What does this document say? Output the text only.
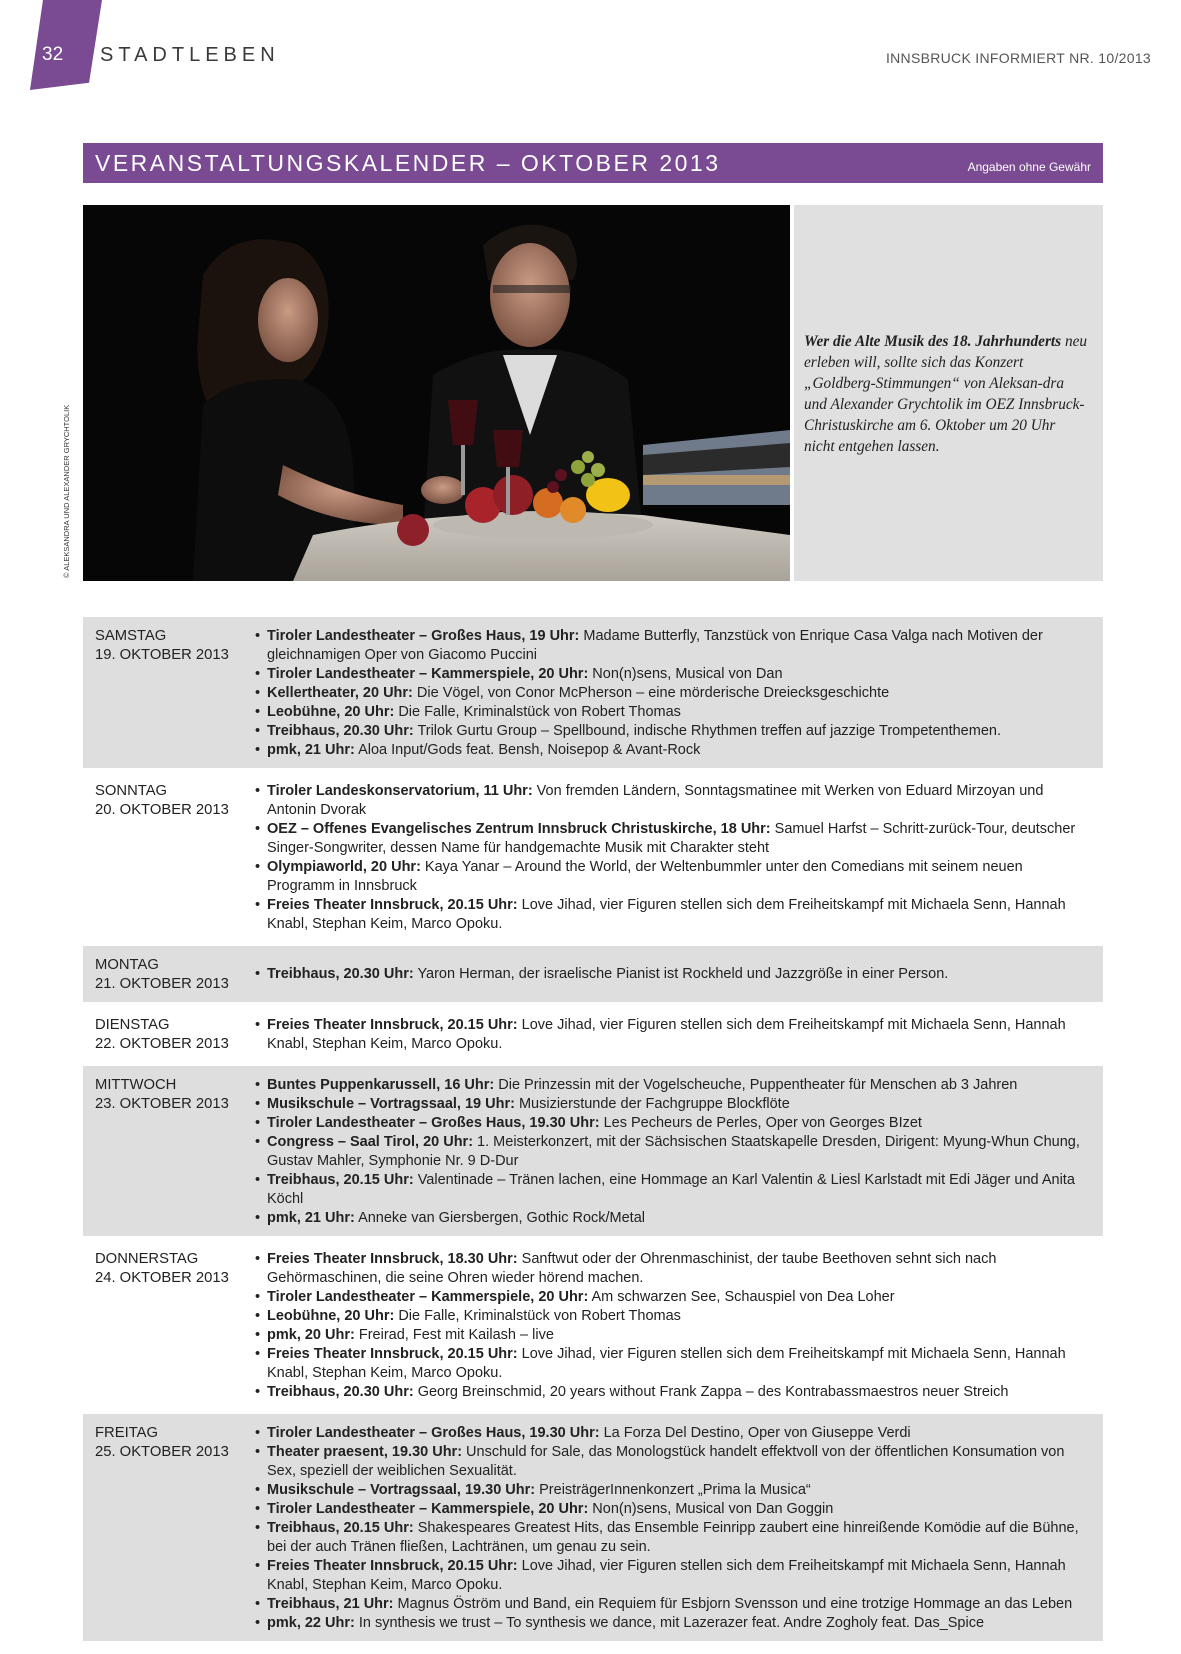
32 STADTLEBEN	INNSBRUCK INFORMIERT NR. 10/2013
VERANSTALTUNGSKALENDER – OKTOBER 2013	Angaben ohne Gewähr
© ALEKSANDRA UND ALEXANDER GRYCHTOLIK
Wer die Alte Musik des 18. Jahrhunderts neu erleben will, sollte sich das Konzert „Goldberg-Stimmungen“ von Aleksan-dra und Alexander Grychtolik im OEZ Innsbruck-Christuskirche am 6. Oktober um 20 Uhr nicht entgehen lassen.
SAMSTAG
19. OKTOBER 2013
• Tiroler Landestheater – Großes Haus, 19 Uhr: Madame Butterfly, Tanzstück von Enrique Casa Valga nach Motiven der gleichnamigen Oper von Giacomo Puccini
• Tiroler Landestheater – Kammerspiele, 20 Uhr: Non(n)sens, Musical von Dan
• Kellertheater, 20 Uhr: Die Vögel, von Conor McPherson – eine mörderische Dreiecksgeschichte
• Leobühne, 20 Uhr: Die Falle, Kriminalstück von Robert Thomas
• Treibhaus, 20.30 Uhr: Trilok Gurtu Group – Spellbound, indische Rhythmen treffen auf jazzige Trompetenthemen.
• pmk, 21 Uhr: Aloa Input/Gods feat. Bensh, Noisepop & Avant-Rock
SONNTAG
20. OKTOBER 2013
• Tiroler Landeskonservatorium, 11 Uhr: Von fremden Ländern, Sonntagsmatinee mit Werken von Eduard Mirzoyan und Antonin Dvorak
• OEZ – Offenes Evangelisches Zentrum Innsbruck Christuskirche, 18 Uhr: Samuel Harfst – Schritt-zurück-Tour, deutscher Singer-Songwriter, dessen Name für handgemachte Musik mit Charakter steht
• Olympiaworld, 20 Uhr: Kaya Yanar – Around the World, der Weltenbummler unter den Comedians mit seinem neuen Programm in Innsbruck
• Freies Theater Innsbruck, 20.15 Uhr: Love Jihad, vier Figuren stellen sich dem Freiheitskampf mit Michaela Senn, Hannah Knabl, Stephan Keim, Marco Opoku.
MONTAG
21. OKTOBER 2013
• Treibhaus, 20.30 Uhr: Yaron Herman, der israelische Pianist ist Rockheld und Jazzgröße in einer Person.
DIENSTAG
22. OKTOBER 2013
• Freies Theater Innsbruck, 20.15 Uhr: Love Jihad, vier Figuren stellen sich dem Freiheitskampf mit Michaela Senn, Hannah Knabl, Stephan Keim, Marco Opoku.
MITTWOCH
23. OKTOBER 2013
• Buntes Puppenkarussell, 16 Uhr: Die Prinzessin mit der Vogelscheuche, Puppentheater für Menschen ab 3 Jahren
• Musikschule – Vortragssaal, 19 Uhr: Musizierstunde der Fachgruppe Blockflöte
• Tiroler Landestheater – Großes Haus, 19.30 Uhr: Les Pecheurs de Perles, Oper von Georges BIzet
• Congress – Saal Tirol, 20 Uhr: 1. Meisterkonzert, mit der Sächsischen Staatskapelle Dresden, Dirigent: Myung-Whun Chung, Gustav Mahler, Symphonie Nr. 9 D-Dur
• Treibhaus, 20.15 Uhr: Valentinade – Tränen lachen, eine Hommage an Karl Valentin & Liesl Karlstadt mit Edi Jäger und Anita Köchl
• pmk, 21 Uhr: Anneke van Giersbergen, Gothic Rock/Metal
DONNERSTAG
24. OKTOBER 2013
• Freies Theater Innsbruck, 18.30 Uhr: Sanftwut oder der Ohrenmaschinist, der taube Beethoven sehnt sich nach Gehörmaschinen, die seine Ohren wieder hörend machen.
• Tiroler Landestheater – Kammerspiele, 20 Uhr: Am schwarzen See, Schauspiel von Dea Loher
• Leobühne, 20 Uhr: Die Falle, Kriminalstück von Robert Thomas
• pmk, 20 Uhr: Freirad, Fest mit Kailash – live
• Freies Theater Innsbruck, 20.15 Uhr: Love Jihad, vier Figuren stellen sich dem Freiheitskampf mit Michaela Senn, Hannah Knabl, Stephan Keim, Marco Opoku.
• Treibhaus, 20.30 Uhr: Georg Breinschmid, 20 years without Frank Zappa – des Kontrabassmaestros neuer Streich
FREITAG
25. OKTOBER 2013
• Tiroler Landestheater – Großes Haus, 19.30 Uhr: La Forza Del Destino, Oper von Giuseppe Verdi
• Theater praesent, 19.30 Uhr: Unschuld for Sale, das Monologstück handelt effektvoll von der öffentlichen Konsumation von Sex, speziell der weiblichen Sexualität.
• Musikschule – Vortragssaal, 19.30 Uhr: PreisträgerInnenkonzert „Prima la Musica“
• Tiroler Landestheater – Kammerspiele, 20 Uhr: Non(n)sens, Musical von Dan Goggin
• Treibhaus, 20.15 Uhr: Shakespeares Greatest Hits, das Ensemble Feinripp zaubert eine hinreißende Komödie auf die Bühne, bei der auch Tränen fließen, Lachtränen, um genau zu sein.
• Freies Theater Innsbruck, 20.15 Uhr: Love Jihad, vier Figuren stellen sich dem Freiheitskampf mit Michaela Senn, Hannah Knabl, Stephan Keim, Marco Opoku.
• Treibhaus, 21 Uhr: Magnus Öström und Band, ein Requiem für Esbjorn Svensson und eine trotzige Hommage an das Leben
• pmk, 22 Uhr: In synthesis we trust – To synthesis we dance, mit Lazerazer feat. Andre Zogholy feat. Das_Spice
